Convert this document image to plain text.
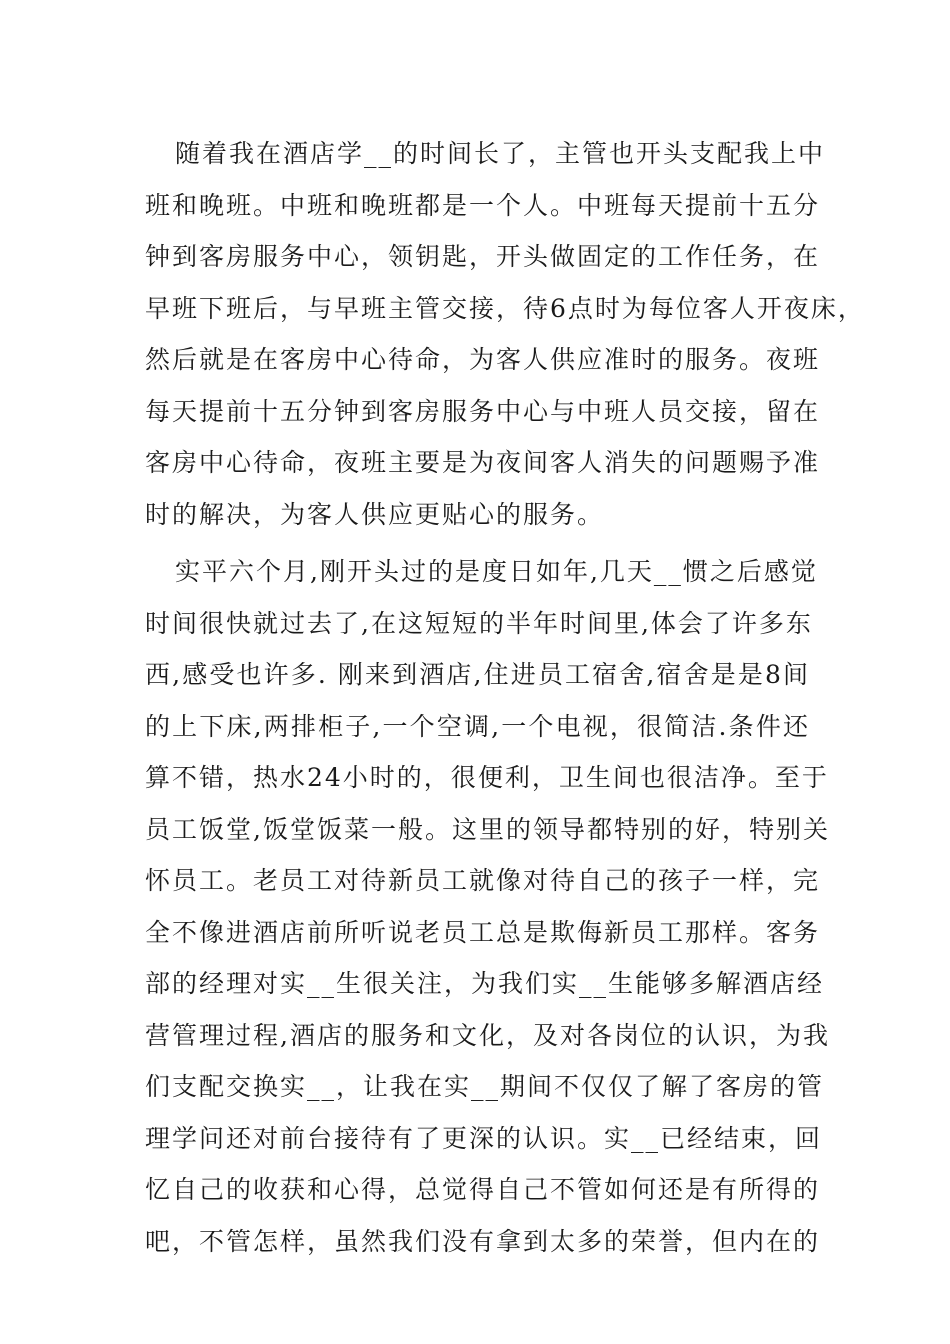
随着我在酒店学__的时间长了，主管也开头支配我上中
班和晚班。中班和晚班都是一个人。中班每天提前十五分
钟到客房服务中心，领钥匙，开头做固定的工作任务，在
早班下班后，与早班主管交接，待6点时为每位客人开夜床，
然后就是在客房中心待命，为客人供应准时的服务。夜班
每天提前十五分钟到客房服务中心与中班人员交接，留在
客房中心待命，夜班主要是为夜间客人消失的问题赐予准
时的解决，为客人供应更贴心的服务。
实平六个月,刚开头过的是度日如年,几天__惯之后感觉
时间很快就过去了,在这短短的半年时间里,体会了许多东
西,感受也许多. 刚来到酒店,住进员工宿舍,宿舍是是8间
的上下床,两排柜子,一个空调,一个电视，很简洁.条件还
算不错，热水24小时的，很便利，卫生间也很洁净。至于
员工饭堂,饭堂饭菜一般。这里的领导都特别的好，特别关
怀员工。老员工对待新员工就像对待自己的孩子一样，完
全不像进酒店前所听说老员工总是欺侮新员工那样。客务
部的经理对实__生很关注，为我们实__生能够多解酒店经
营管理过程,酒店的服务和文化，及对各岗位的认识，为我
们支配交换实__，让我在实__期间不仅仅了解了客房的管
理学问还对前台接待有了更深的认识。实__已经结束，回
忆自己的收获和心得，总觉得自己不管如何还是有所得的
吧，不管怎样，虽然我们没有拿到太多的荣誉，但内在的
